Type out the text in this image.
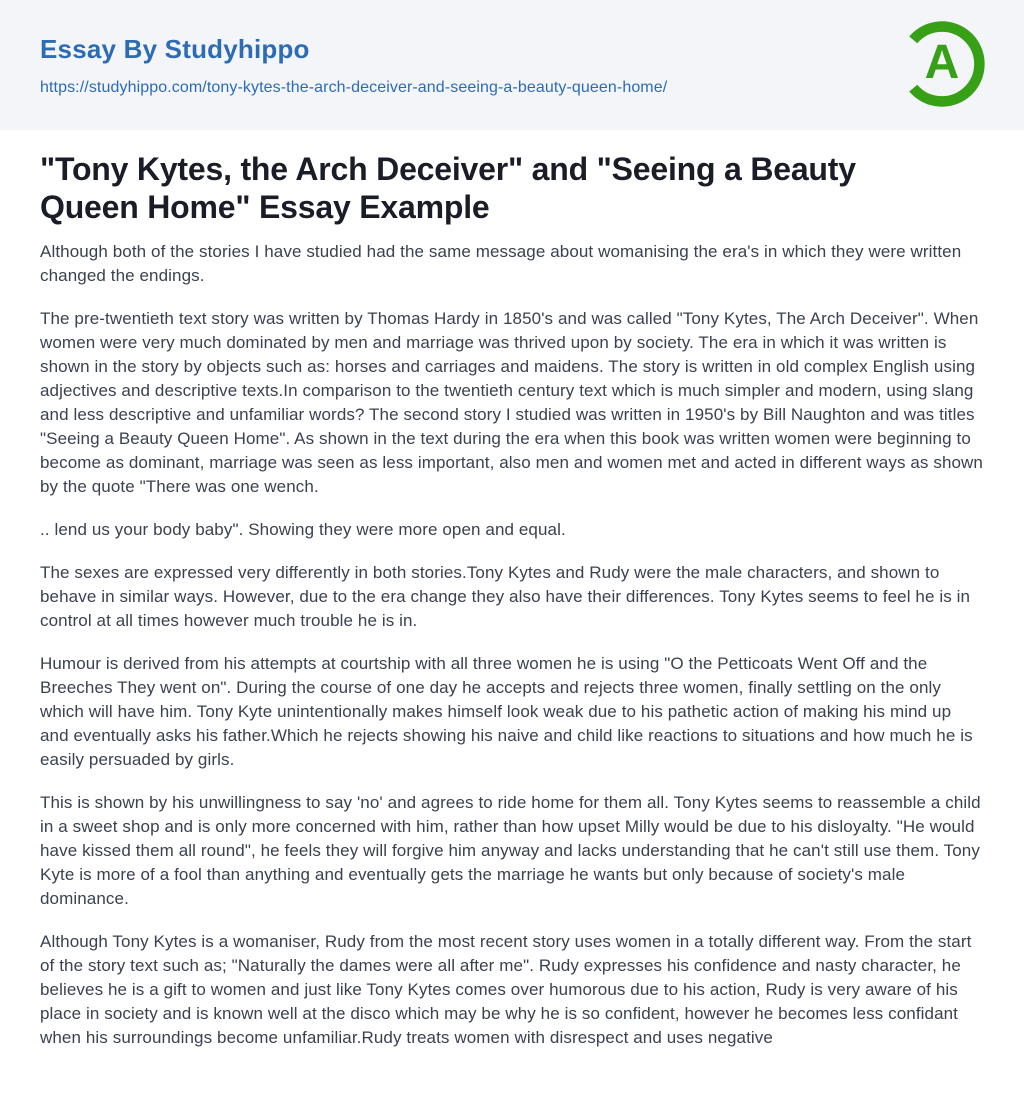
Essay By Studyhippo
https://studyhippo.com/tony-kytes-the-arch-deceiver-and-seeing-a-beauty-queen-home/	A
"Tony Kytes, the Arch Deceiver" and "Seeing a Beauty Queen Home" Essay Example

Although both of the stories I have studied had the same message about womanising the era's in which they were written changed the endings.

The pre-twentieth text story was written by Thomas Hardy in 1850's and was called "Tony Kytes, The Arch Deceiver". When women were very much dominated by men and marriage was thrived upon by society. The era in which it was written is shown in the story by objects such as: horses and carriages and maidens. The story is written in old complex English using adjectives and descriptive texts.In comparison to the twentieth century text which is much simpler and modern, using slang and less descriptive and unfamiliar words? The second story I studied was written in 1950's by Bill Naughton and was titles "Seeing a Beauty Queen Home". As shown in the text during the era when this book was written women were beginning to become as dominant, marriage was seen as less important, also men and women met and acted in different ways as shown by the quote "There was one wench.

.. lend us your body baby". Showing they were more open and equal.

The sexes are expressed very differently in both stories.Tony Kytes and Rudy were the male characters, and shown to behave in similar ways. However, due to the era change they also have their differences. Tony Kytes seems to feel he is in control at all times however much trouble he is in.

Humour is derived from his attempts at courtship with all three women he is using "O the Petticoats Went Off and the Breeches They went on". During the course of one day he accepts and rejects three women, finally settling on the only which will have him. Tony Kyte unintentionally makes himself look weak due to his pathetic action of making his mind up and eventually asks his father.Which he rejects showing his naive and child like reactions to situations and how much he is easily persuaded by girls.

This is shown by his unwillingness to say 'no' and agrees to ride home for them all. Tony Kytes seems to reassemble a child in a sweet shop and is only more concerned with him, rather than how upset Milly would be due to his disloyalty. "He would have kissed them all round", he feels they will forgive him anyway and lacks understanding that he can't still use them. Tony Kyte is more of a fool than anything and eventually gets the marriage he wants but only because of society's male dominance.

Although Tony Kytes is a womaniser, Rudy from the most recent story uses women in a totally different way. From the start of the story text such as; "Naturally the dames were all after me". Rudy expresses his confidence and nasty character, he believes he is a gift to women and just like Tony Kytes comes over humorous due to his action, Rudy is very aware of his place in society and is known well at the disco which may be why he is so confident, however he becomes less confidant when his surroundings become unfamiliar.Rudy treats women with disrespect and uses negative
